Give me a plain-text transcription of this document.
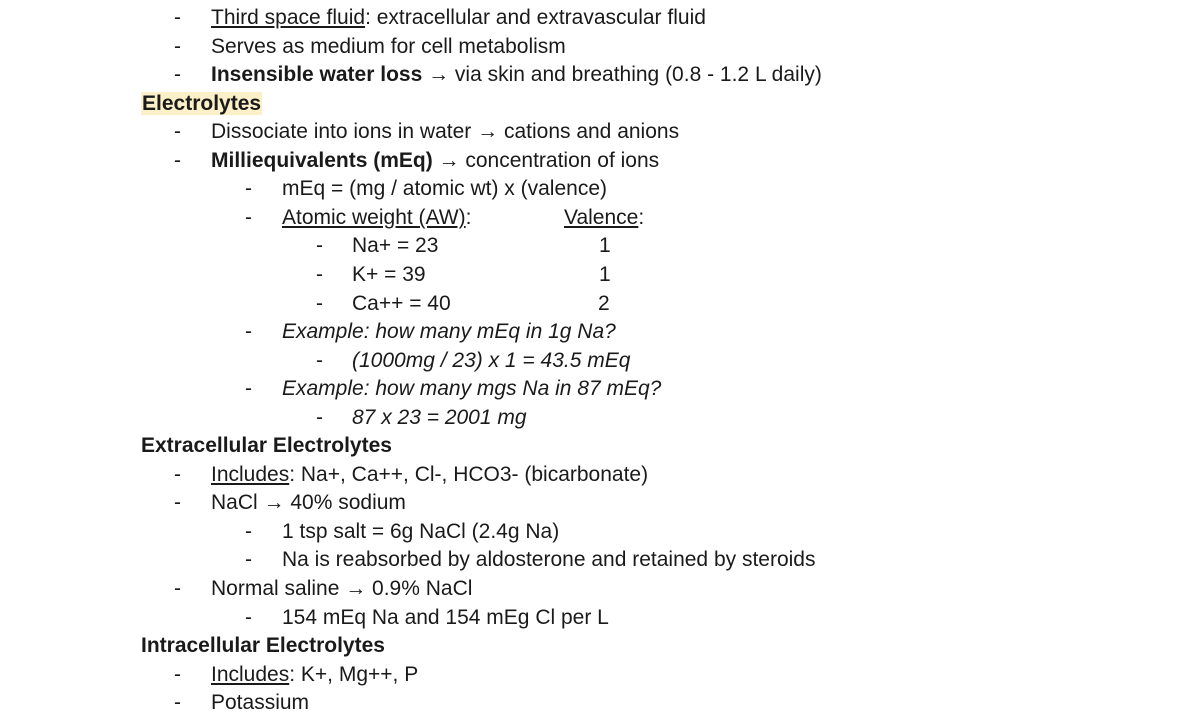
- Third space fluid: extracellular and extravascular fluid
- Serves as medium for cell metabolism
- Insensible water loss → via skin and breathing (0.8 - 1.2 L daily)
Electrolytes
- Dissociate into ions in water → cations and anions
- Milliequivalents (mEq) → concentration of ions
- mEq = (mg / atomic wt) x (valence)
- Atomic weight (AW):	Valence:
- Na+ = 23	1
- K+ = 39	1
- Ca++ = 40	2
- Example: how many mEq in 1g Na?
- (1000mg / 23) x 1 = 43.5 mEq
- Example: how many mgs Na in 87 mEq?
- 87 x 23 = 2001 mg
Extracellular Electrolytes
- Includes: Na+, Ca++, Cl-, HCO3- (bicarbonate)
- NaCl → 40% sodium
- 1 tsp salt = 6g NaCl (2.4g Na)
- Na is reabsorbed by aldosterone and retained by steroids
- Normal saline → 0.9% NaCl
- 154 mEq Na and 154 mEg Cl per L
Intracellular Electrolytes
- Includes: K+, Mg++, P
- Potassium
